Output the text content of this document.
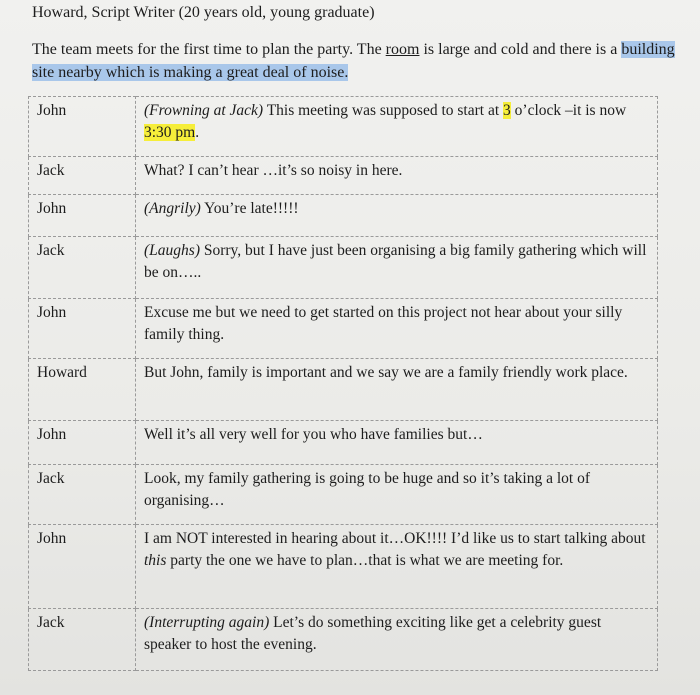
Howard, Script Writer (20 years old, young graduate)
The team meets for the first time to plan the party. The room is large and cold and there is a building site nearby which is making a great deal of noise.
John	(Frowning at Jack) This meeting was supposed to start at 3 o’clock –it is now 3:30 pm.
Jack	What? I can’t hear …it’s so noisy in here.
John	(Angrily) You’re late!!!!!
Jack	(Laughs) Sorry, but I have just been organising a big family gathering which will be on…..
John	Excuse me but we need to get started on this project not hear about your silly family thing.
Howard	But John, family is important and we say we are a family friendly work place.
John	Well it’s all very well for you who have families but…
Jack	Look, my family gathering is going to be huge and so it’s taking a lot of organising…
John	I am NOT interested in hearing about it…OK!!!! I’d like us to start talking about this party the one we have to plan…that is what we are meeting for.
Jack	(Interrupting again) Let’s do something exciting like get a celebrity guest speaker to host the evening.
